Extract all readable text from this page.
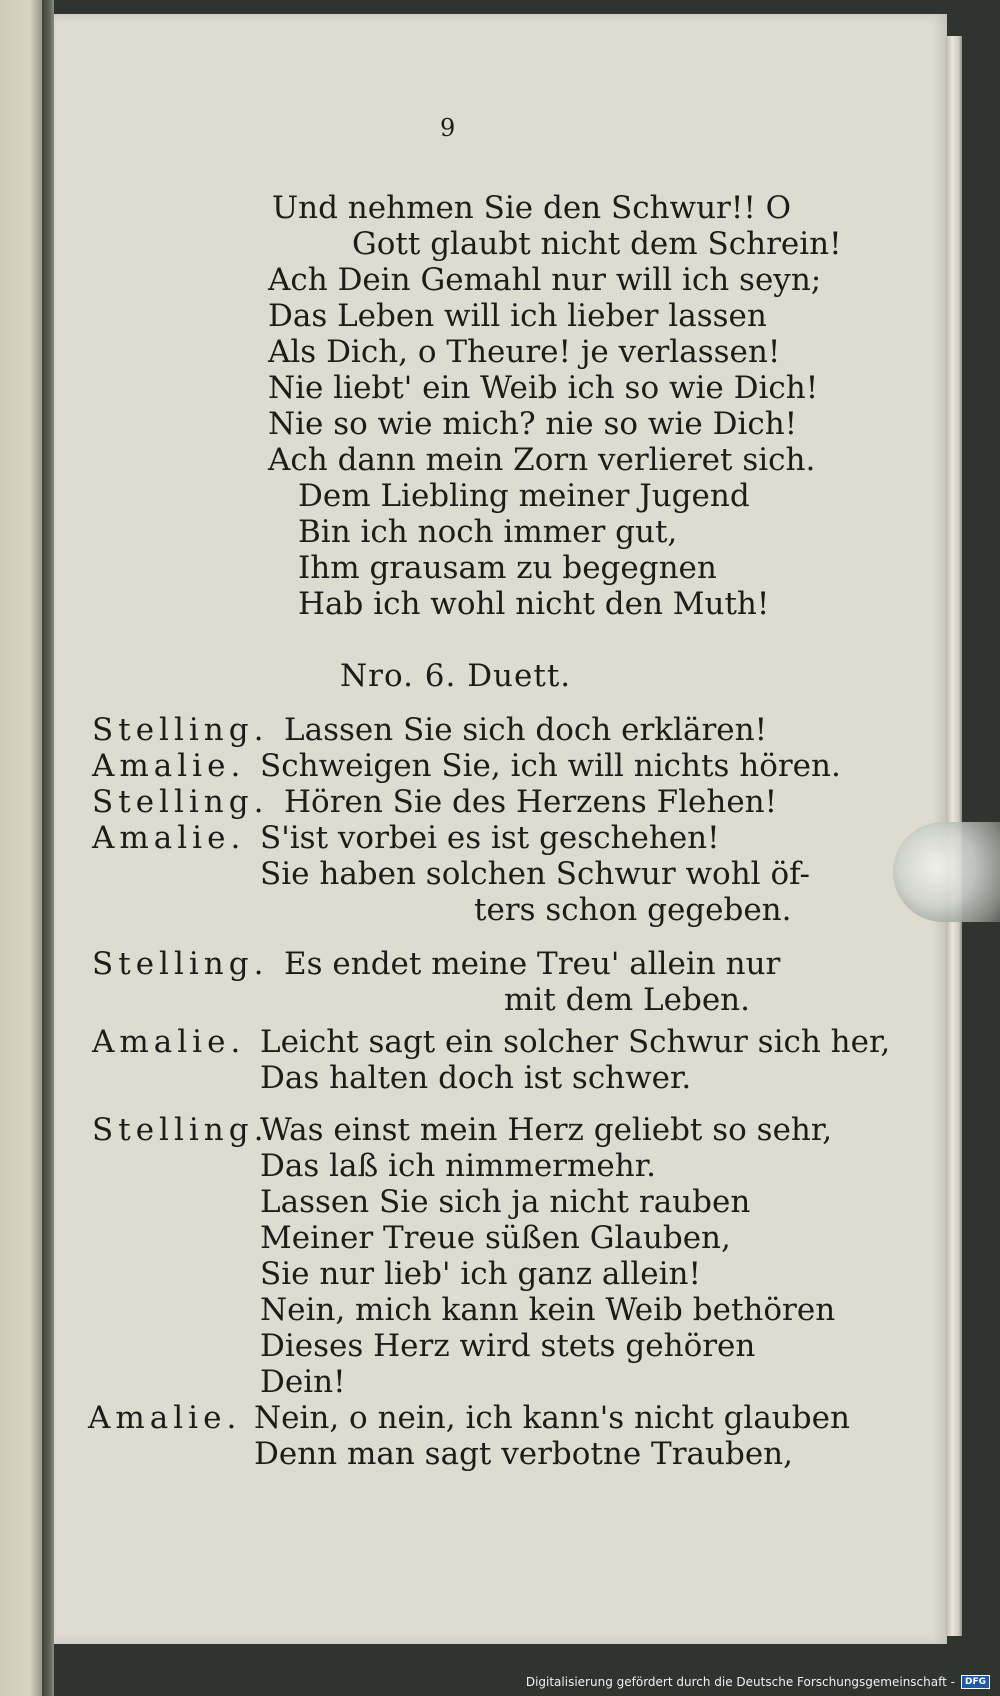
9
Und nehmen Sie den Schwur!! O
Gott glaubt nicht dem Schrein!
Ach Dein Gemahl nur will ich seyn;
Das Leben will ich lieber lassen
Als Dich, o Theure! je verlassen!
Nie liebt' ein Weib ich so wie Dich!
Nie so wie mich? nie so wie Dich!
Ach dann mein Zorn verlieret sich.
Dem Liebling meiner Jugend
Bin ich noch immer gut,
Ihm grausam zu begegnen
Hab ich wohl nicht den Muth!
Nro. 6. Duett.
Stelling. Lassen Sie sich doch erklären!
Amalie. Schweigen Sie, ich will nichts hören.
Stelling. Hören Sie des Herzens Flehen!
Amalie. S'ist vorbei es ist geschehen!
Sie haben solchen Schwur wohl öf-
ters schon gegeben.
Stelling. Es endet meine Treu' allein nur
mit dem Leben.
Amalie. Leicht sagt ein solcher Schwur sich her,
Das halten doch ist schwer.
Stelling.
Was einst mein Herz geliebt so sehr,
Das laß ich nimmermehr.
Lassen Sie sich ja nicht rauben
Meiner Treue süßen Glauben,
Sie nur lieb' ich ganz allein!
Nein, mich kann kein Weib bethören
Dieses Herz wird stets gehören
Dein!
Amalie. Nein, o nein, ich kann's nicht glauben
Denn man sagt verbotne Trauben,
Digitalisierung gefördert durch die Deutsche Forschungsgemeinschaft -	DFG
